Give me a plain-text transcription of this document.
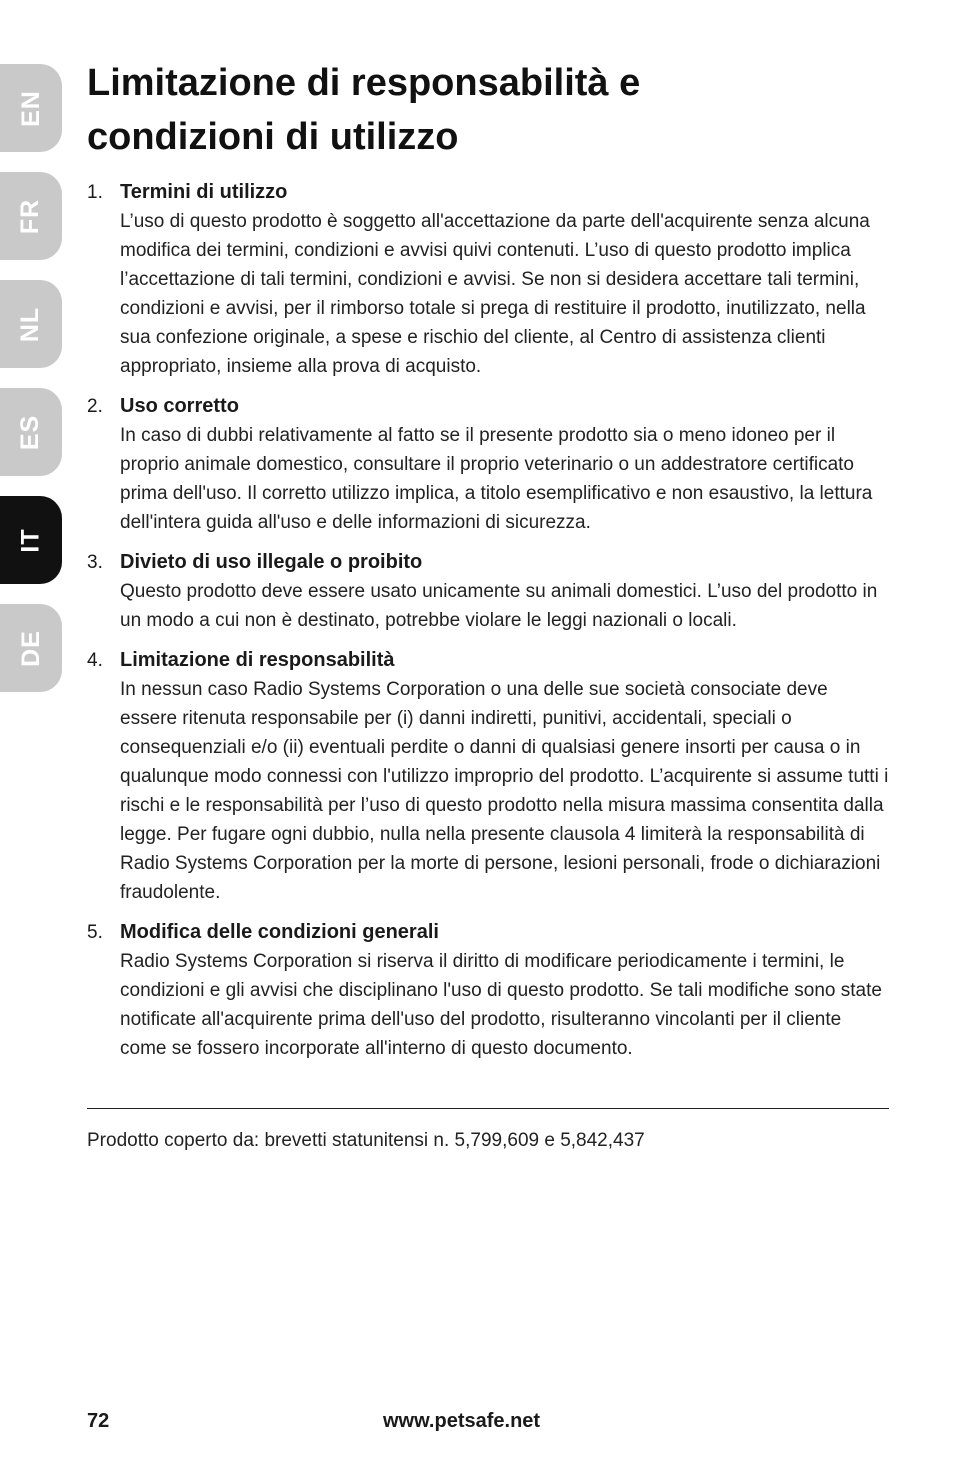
EN
FR
NL
ES
IT
DE
Limitazione di responsabilità e
condizioni di utilizzo
1. Termini di utilizzo
L’uso di questo prodotto è soggetto all'accettazione da parte dell'acquirente senza alcuna modifica dei termini, condizioni e avvisi quivi contenuti. L’uso di questo prodotto implica l’accettazione di tali termini, condizioni e avvisi. Se non si desidera accettare tali termini, condizioni e avvisi, per il rimborso totale si prega di restituire il prodotto, inutilizzato, nella sua confezione originale, a spese e rischio del cliente, al Centro di assistenza clienti appropriato, insieme alla prova di acquisto.
2. Uso corretto
In caso di dubbi relativamente al fatto se il presente prodotto sia o meno idoneo per il proprio animale domestico, consultare il proprio veterinario o un addestratore certificato prima dell'uso. Il corretto utilizzo implica, a titolo esemplificativo e non esaustivo, la lettura dell'intera guida all'uso e delle informazioni di sicurezza.
3. Divieto di uso illegale o proibito
Questo prodotto deve essere usato unicamente su animali domestici. L’uso del prodotto in un modo a cui non è destinato, potrebbe violare le leggi nazionali o locali.
4. Limitazione di responsabilità
In nessun caso Radio Systems Corporation o una delle sue società consociate deve essere ritenuta responsabile per (i) danni indiretti, punitivi, accidentali, speciali o consequenziali e/o (ii) eventuali perdite o danni di qualsiasi genere insorti per causa o in qualunque modo connessi con l'utilizzo improprio del prodotto. L’acquirente si assume tutti i rischi e le responsabilità per l’uso di questo prodotto nella misura massima consentita dalla legge. Per fugare ogni dubbio, nulla nella presente clausola 4 limiterà la responsabilità di Radio Systems Corporation per la morte di persone, lesioni personali, frode o dichiarazioni fraudolente.
5. Modifica delle condizioni generali
Radio Systems Corporation si riserva il diritto di modificare periodicamente i termini, le condizioni e gli avvisi che disciplinano l'uso di questo prodotto. Se tali modifiche sono state notificate all'acquirente prima dell'uso del prodotto, risulteranno vincolanti per il cliente come se fossero incorporate all'interno di questo documento.
Prodotto coperto da: brevetti statunitensi n. 5,799,609 e 5,842,437
72	www.petsafe.net
